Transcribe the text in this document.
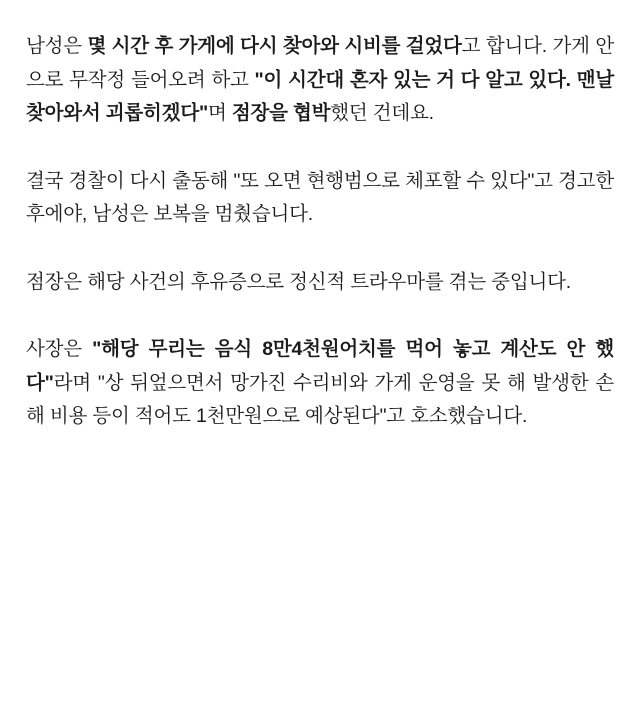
남성은 몇 시간 후 가게에 다시 찾아와 시비를 걸었다고 합니다. 가게 안으로 무작정 들어오려 하고 "이 시간대 혼자 있는 거 다 알고 있다. 맨날 찾아와서 괴롭히겠다"며 점장을 협박했던 건데요.

결국 경찰이 다시 출동해 "또 오면 현행범으로 체포할 수 있다"고 경고한 후에야, 남성은 보복을 멈췄습니다.

점장은 해당 사건의 후유증으로 정신적 트라우마를 겪는 중입니다.

사장은 "해당 무리는 음식 8만4천원어치를 먹어 놓고 계산도 안 했다"라며 "상 뒤엎으면서 망가진 수리비와 가게 운영을 못 해 발생한 손해 비용 등이 적어도 1천만원으로 예상된다"고 호소했습니다.
